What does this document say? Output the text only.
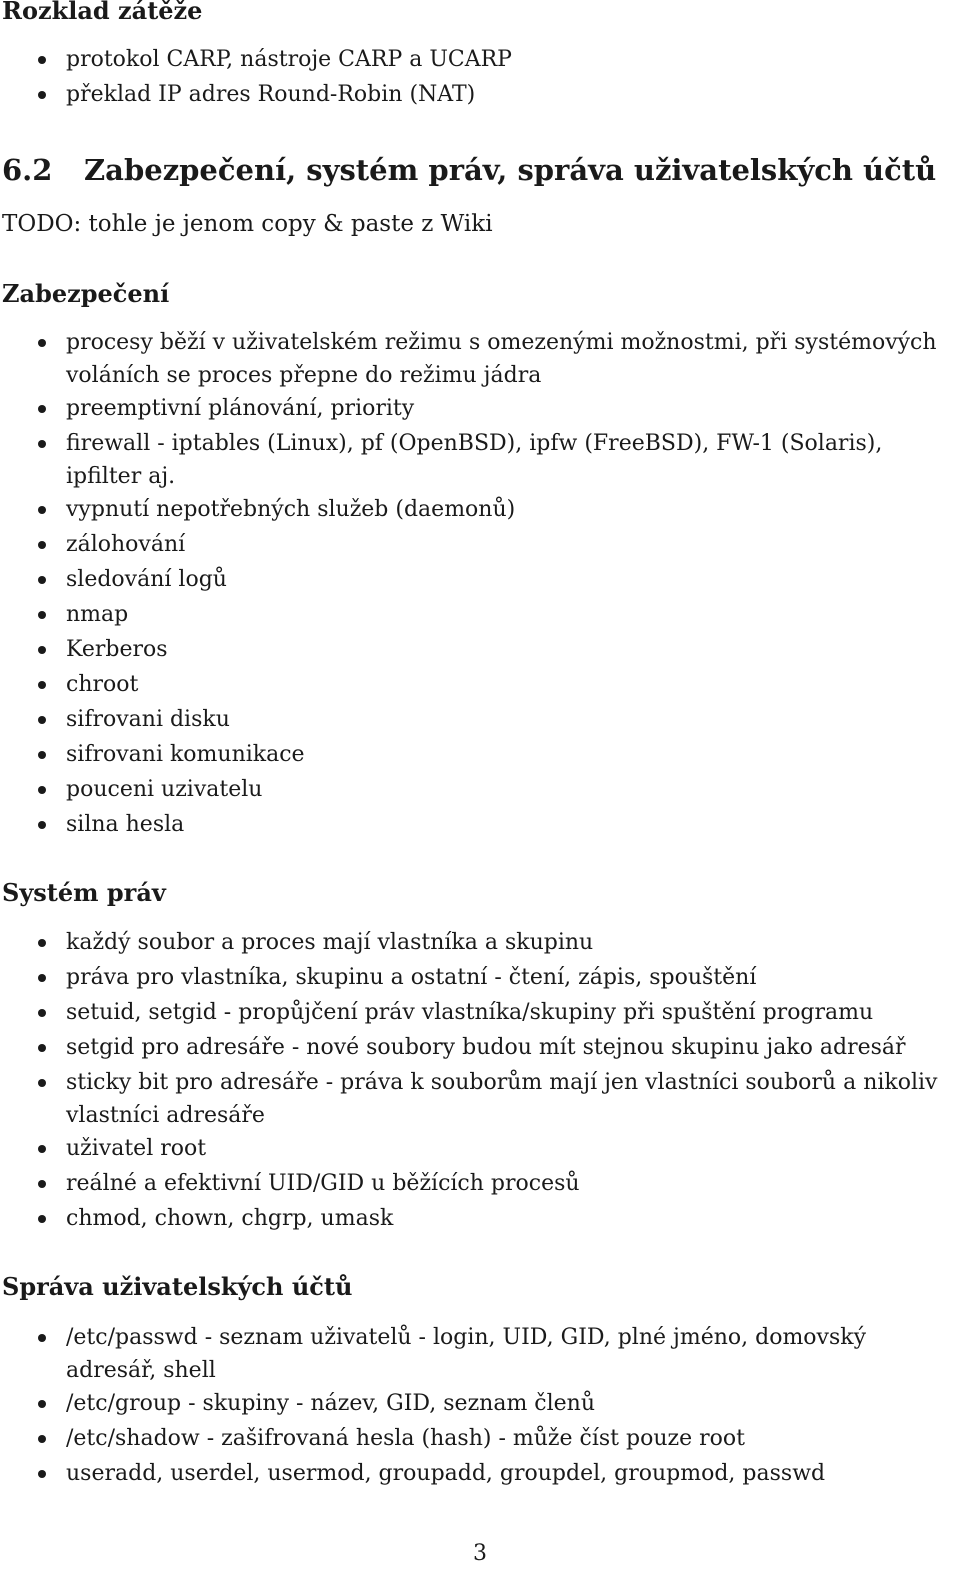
Rozklad zátěže
protokol CARP, nástroje CARP a UCARP
překlad IP adres Round-Robin (NAT)
6.2 Zabezpečení, systém práv, správa uživatelských účtů
TODO: tohle je jenom copy & paste z Wiki
Zabezpečení
procesy běží v uživatelském režimu s omezenými možnostmi, při systémových voláních se proces přepne do režimu jádra
preemptivní plánování, priority
firewall - iptables (Linux), pf (OpenBSD), ipfw (FreeBSD), FW-1 (Solaris), ipfilter aj.
vypnutí nepotřebných služeb (daemonů)
zálohování
sledování logů
nmap
Kerberos
chroot
sifrovani disku
sifrovani komunikace
pouceni uzivatelu
silna hesla
Systém práv
každý soubor a proces mají vlastníka a skupinu
práva pro vlastníka, skupinu a ostatní - čtení, zápis, spouštění
setuid, setgid - propůjčení práv vlastníka/skupiny při spuštění programu
setgid pro adresáře - nové soubory budou mít stejnou skupinu jako adresář
sticky bit pro adresáře - práva k souborům mají jen vlastníci souborů a nikoliv vlastníci adresáře
uživatel root
reálné a efektivní UID/GID u běžících procesů
chmod, chown, chgrp, umask
Správa uživatelských účtů
/etc/passwd - seznam uživatelů - login, UID, GID, plné jméno, domovský adresář, shell
/etc/group - skupiny - název, GID, seznam členů
/etc/shadow - zašifrovaná hesla (hash) - může číst pouze root
useradd, userdel, usermod, groupadd, groupdel, groupmod, passwd
3
